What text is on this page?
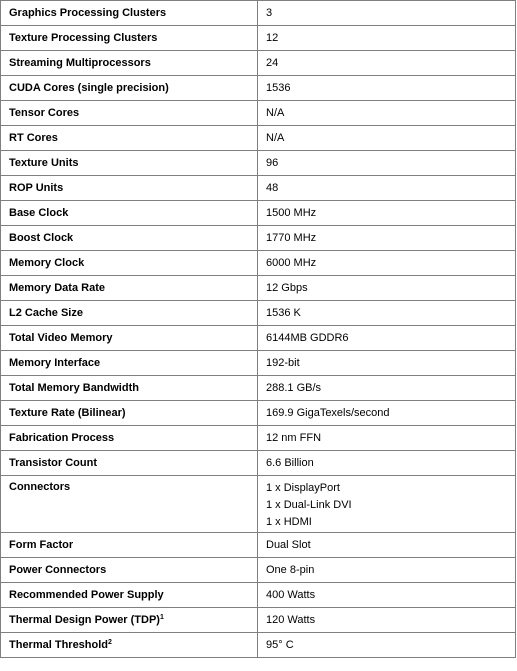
Graphics Processing Clusters	3
Texture Processing Clusters	12
Streaming Multiprocessors	24
CUDA Cores (single precision)	1536
Tensor Cores	N/A
RT Cores	N/A
Texture Units	96
ROP Units	48
Base Clock	1500 MHz
Boost Clock	1770 MHz
Memory Clock	6000 MHz
Memory Data Rate	12 Gbps
L2 Cache Size	1536 K
Total Video Memory	6144MB GDDR6
Memory Interface	192-bit
Total Memory Bandwidth	288.1 GB/s
Texture Rate (Bilinear)	169.9 GigaTexels/second
Fabrication Process	12 nm FFN
Transistor Count	6.6 Billion
Connectors	1 x DisplayPort
1 x Dual-Link DVI
1 x HDMI

Form Factor	Dual Slot
Power Connectors	One 8-pin
Recommended Power Supply	400 Watts
Thermal Design Power (TDP)$^1$	120 Watts
Thermal Threshold$^2$	95° C
